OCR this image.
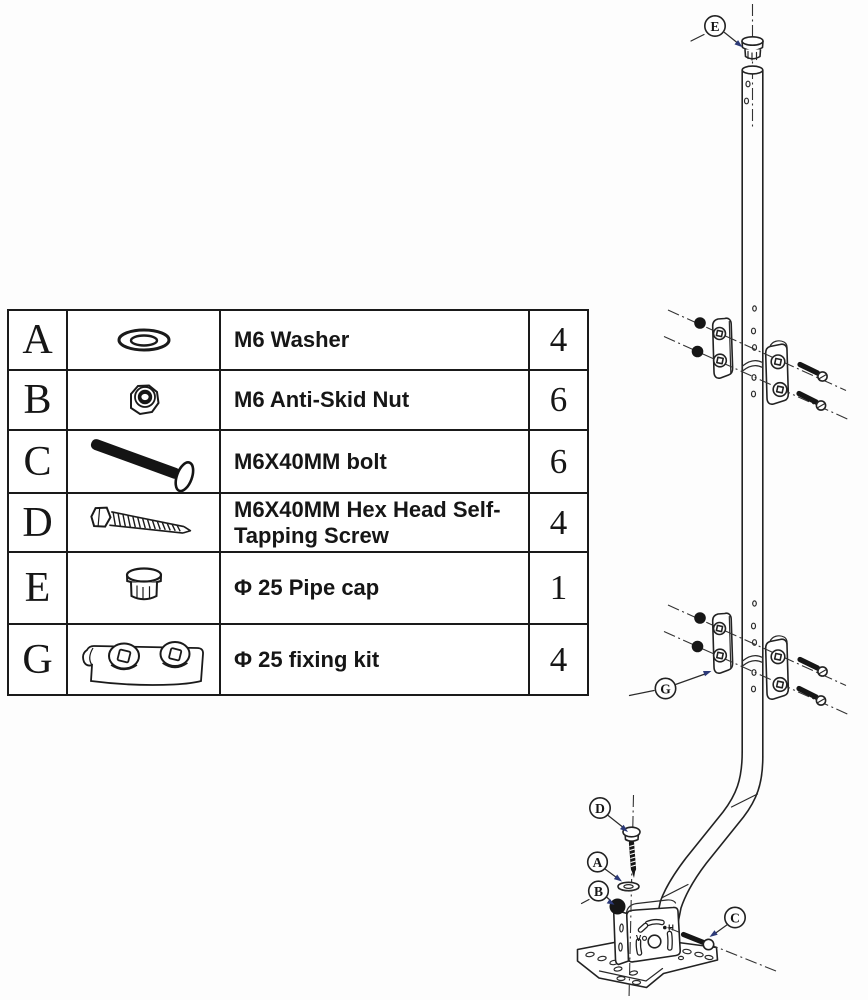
A	M6 Washer	4
B	M6 Anti-Skid Nut	6
C	M6X40MM bolt	6
D	M6X40MM Hex Head Self-Tapping Screw	4
E	Φ 25 Pipe cap	1
G	Φ 25 fixing kit	4
E
G
V
H
D
A
B
C
